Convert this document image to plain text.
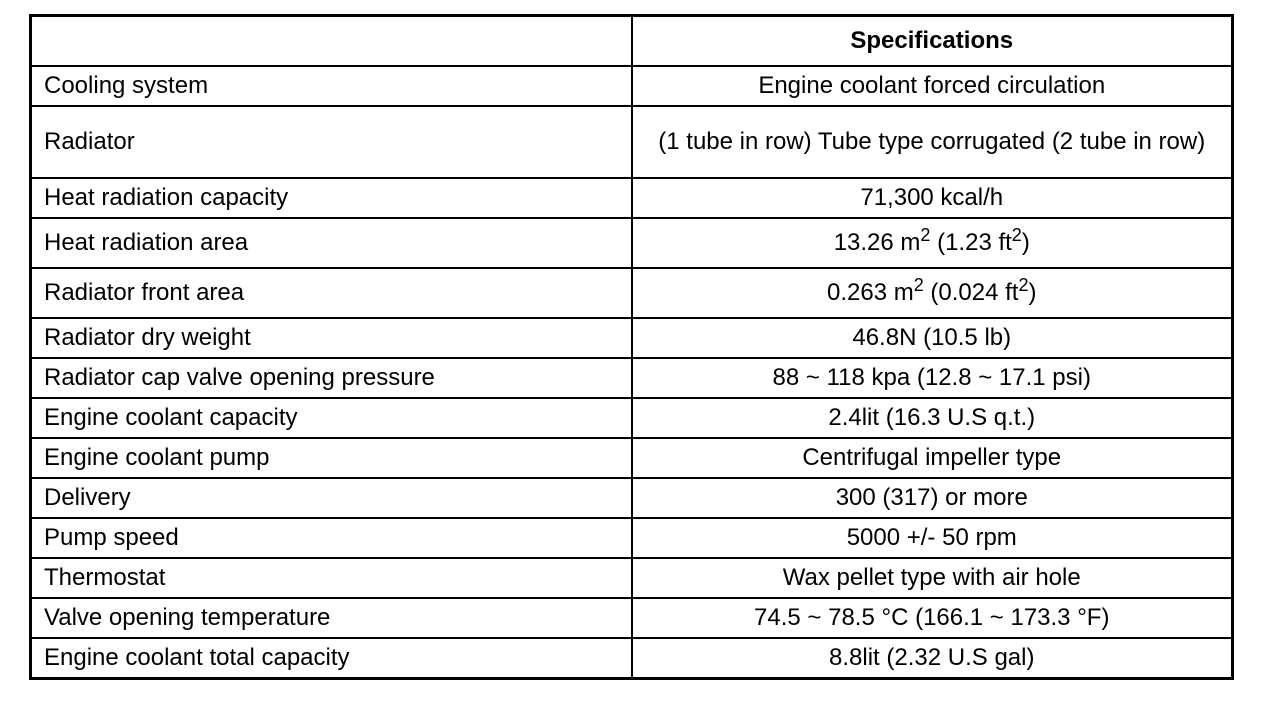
	Specifications
Cooling system	Engine coolant forced circulation
Radiator	(1 tube in row) Tube type corrugated (2 tube in row)
Heat radiation capacity	71,300 kcal/h
Heat radiation area	13.26 $m^2$ (1.23 $ft^2$)
Radiator front area	0.263 $m^2$ (0.024 $ft^2$)
Radiator dry weight	46.8N (10.5 lb)
Radiator cap valve opening pressure	88 ~ 118 kpa (12.8 ~ 17.1 psi)
Engine coolant capacity	2.4lit (16.3 U.S q.t.)
Engine coolant pump	Centrifugal impeller type
Delivery	300 (317) or more
Pump speed	5000 +/- 50 rpm
Thermostat	Wax pellet type with air hole
Valve opening temperature	74.5 ~ 78.5 °C (166.1 ~ 173.3 °F)
Engine coolant total capacity	8.8lit (2.32 U.S gal)
